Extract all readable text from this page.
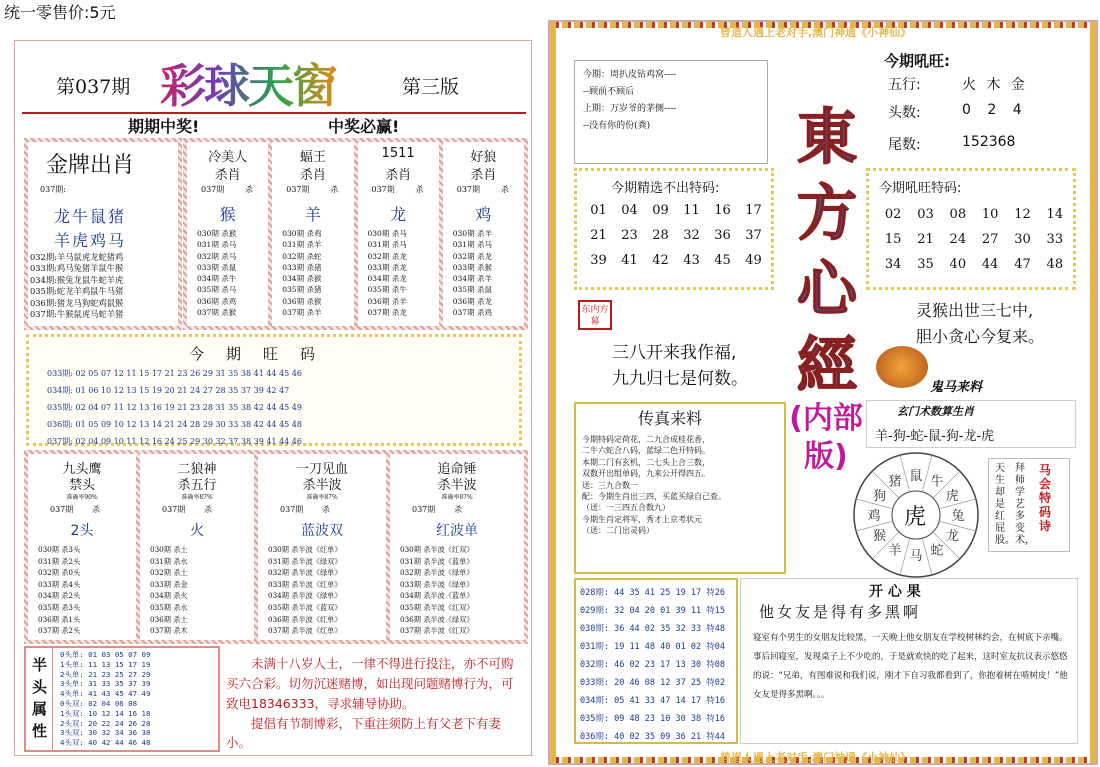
统一零售价:5元
第037期 彩球天窗	第三版
期期中奖!	中奖必赢!
金牌出肖
037期:
龙牛鼠猪
羊虎鸡马
032期:羊马鼠虎龙蛇猪鸡
033期:鸡马兔猪羊鼠牛猴
034期:猴兔龙鼠牛蛇羊虎
035期:蛇龙羊鸡鼠牛马猪
036期:猪龙马狗蛇鸡鼠猴
037期:牛猴鼠虎马蛇羊猪
冷美人
杀肖
037期	杀
猴
030期 杀猴
031期 杀马
032期 杀马
033期 杀鼠
034期 杀牛
035期 杀马
036期 杀鸡
037期 杀猴
蝠王
杀肖
037期	杀
羊
030期 杀鸡
031期 杀羊
032期 杀蛇
033期 杀猪
034期 杀猴
035期 杀猪
036期 杀猴
037期 杀羊
1511
杀肖
037期	杀
龙
030期 杀马
031期 杀马
032期 杀龙
033期 杀龙
034期 杀龙
035期 杀牛
036期 杀羊
037期 杀龙
好狼
杀肖
037期	杀
鸡
030期 杀羊
031期 杀马
032期 杀龙
033期 杀猴
034期 杀羊
035期 杀鼠
036期 杀龙
037期 杀鸡
今期旺码
033期: 02 05 07 12 11 15 17 21 23 26 29 31 35 38 41 44 45 46
034期: 01 06 10 12 13 15 19 20 21 24 27 28 35 37 39 42 47
035期: 02 04 07 11 12 13 16 19 21 23 28 31 35 38 42 44 45 49
036期: 01 05 09 10 12 13 14 21 24 28 29 30 33 38 42 44 45 48
037期: 02 04 09 10 11 12 16 24 25 29 30 32 37 38 39 41 44 46
九头鹰
禁头
准确率90%
037期 杀
2头
030期 杀3头
031期 杀2头
032期 杀0头
033期 杀4头
034期 杀2头
035期 杀3头
036期 杀1头
037期 杀2头
二狼神
杀五行
准确率87%
037期 杀
火
030期 杀土
031期 杀水
032期 杀土
033期 杀金
034期 杀火
035期 杀水
036期 杀土
037期 杀木
一刀见血
杀半波
准确率87%
037期 杀
蓝波双
030期 杀半波《红单》
031期 杀半波《绿双》
032期 杀半波《绿单》
033期 杀半波《红单》
034期 杀半波《绿单》
035期 杀半波《蓝双》
036期 杀半波《红单》
037期 杀半波《红单》
追命锤
杀半波
准确率87%
037期 杀
红波单
030期 杀半波《红双》
031期 杀半波《蓝单》
032期 杀半波《绿单》
033期 杀半波《绿单》
034期 杀半波《蓝单》
035期 杀半波《红双》
036期 杀半波《绿双》
037期 杀半波《红双》
半头属性
0头单: 01 03 05 07 09
1头单: 11 13 15 17 19
2头单: 21 23 25 27 29
3头单: 31 33 35 37 39
4头单: 41 43 45 47 49
0头双: 02 04 06 08
1头双: 10 12 14 16 18
2头双: 20 22 24 26 28
3头双: 30 32 34 36 38
4头双: 40 42 44 46 48
未满十八岁人士，一律不得进行投注，亦不可购买六合彩。切勿沉迷赌博，如出现问题赌博行为，可致电18346333，寻求辅导协助。
提倡有节制博彩，下重注须防上有父老下有妻小。
曾道人遇上老对手,澳门神通《小神仙》
曾道人遇上老对手,澳门神通《小神仙》
今期：周扒皮钻鸡窝----
--顾前不顾后
上期：万岁爷的茅侧----
--没有你的份(粪)	東方心經
(内部版)
今期吼旺:
五行:	火 木 金
头数:	0 2 4
尾数:	152368
今期精选不出特码:
01	04	09	11	16	17
21	23	28	32	36	37
39	41	42	43	45	49
今期吼旺特码:
02	03	08	10	12	14
15	21	24	27	30	33
34	35	40	44	47	48
东内方幕
三八开来我作福,
九九归七是何数。
灵猴出世三七中,
胆小贪心今复来。
鬼马来料
玄门术数算生肖
羊-狗-蛇-鼠-狗-龙-虎
传真来料
今期特码定荷花，二九合成桂花香，
二牛六蛇合八码，蓝绿二色开特码。
本期二门有玄机，二七头上合三数，
双数开出组单码，九来公开得四五。
送：三九合数一
配：今期生肖出三四，买蓝买绿自己查。
（送：一三四五合数九）
今期生肖定将军，秀才上京考状元
（送：二门出灵码）
鼠 牛
虎
兔
龙
蛇
马
羊
猴
鸡
狗
猪
虎
天生却是红屁股。
拜师学艺多变术，
马会特码诗
028期: 44 35 41 25 19 17 特26
029期: 32 04 20 01 39 11 特15
030期: 36 44 02 35 32 33 特48
031期: 19 11 48 40 01 02 特04
032期: 46 02 23 17 13 30 特08
033期: 20 46 08 12 37 25 特02
034期: 05 41 33 47 14 17 特16
035期: 09 48 23 10 30 38 特16
036期: 40 02 35 09 36 21 特44
开 心 果
他女友是得有多黑啊
寝室有个男生的女朋友比较黑，一天晚上他女朋友在学校树林约会，在树底下亲嘴。事后回寝室，发现桌子上不少吃的，于是就欢快的吃了起来，这时室友抗议表示悠悠的说：“兄弟，有图难说和我们说，刚才下自习我都看到了，你抱着树在啃树皮！”他女友是得多黑啊。。。
